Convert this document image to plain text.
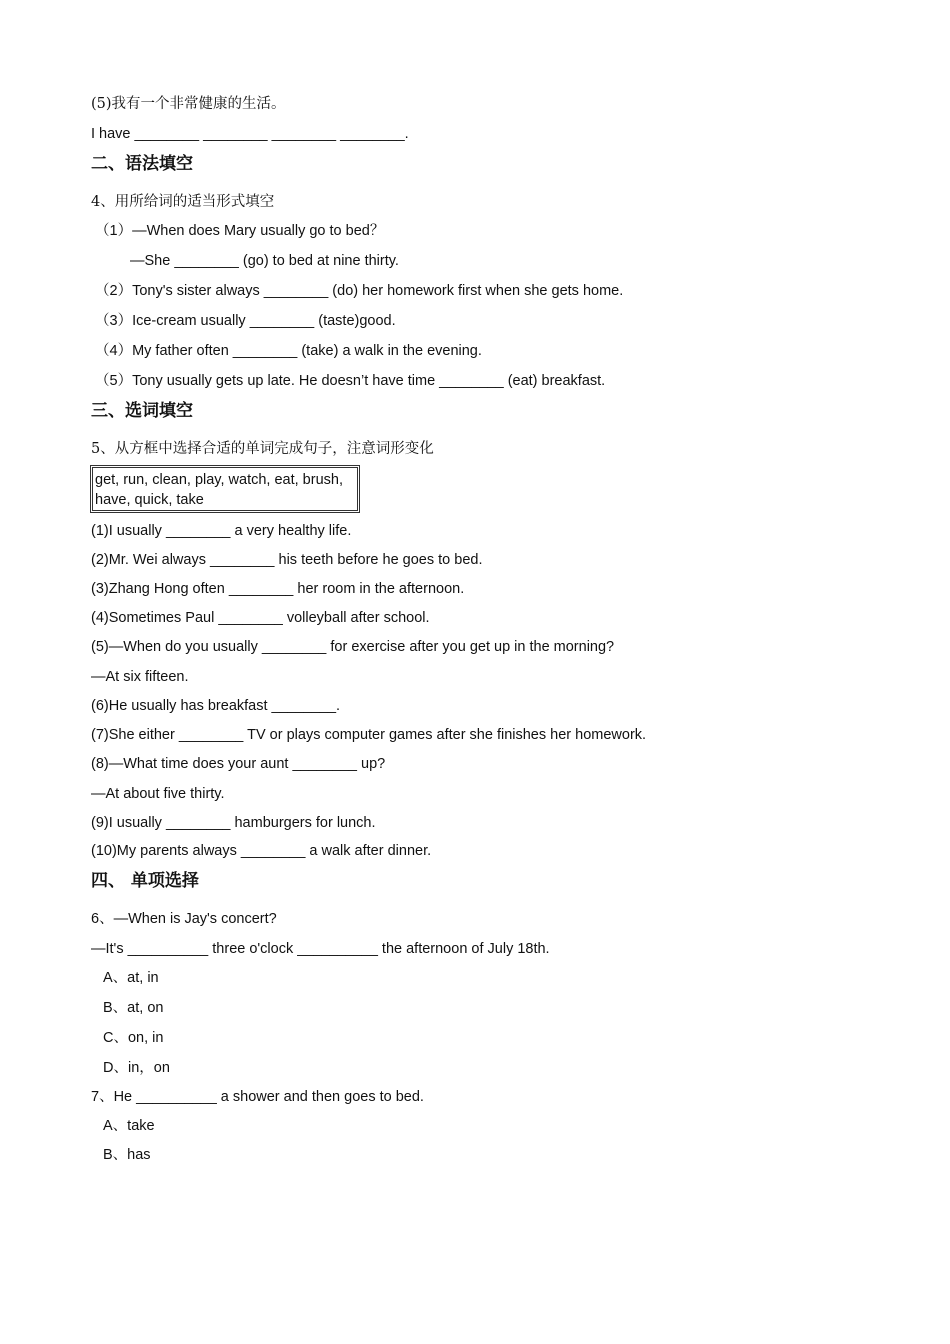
(5)我有一个非常健康的生活。
I have ________ ________ ________ ________.
二、语法填空
4、用所给词的适当形式填空
（1）—When does Mary usually go to bed？
—She ________ (go) to bed at nine thirty.
（2）Tony's sister always ________ (do) her homework first when she gets home.
（3）Ice-cream usually ________ (taste)good.
（4）My father often ________ (take) a walk in the evening.
（5）Tony usually gets up late. He doesn’t have time ________ (eat) breakfast.
三、选词填空
5、从方框中选择合适的单词完成句子，注意词形变化
get, run, clean, play, watch, eat, brush, have, quick, take
(1)I usually ________ a very healthy life.
(2)Mr. Wei always ________ his teeth before he goes to bed.
(3)Zhang Hong often ________ her room in the afternoon.
(4)Sometimes Paul ________ volleyball after school.
(5)—When do you usually ________ for exercise after you get up in the morning?
—At six fifteen.
(6)He usually has breakfast ________.
(7)She either ________ TV or plays computer games after she finishes her homework.
(8)—What time does your aunt ________ up?
—At about five thirty.
(9)I usually ________ hamburgers for lunch.
(10)My parents always ________ a walk after dinner.
四、 单项选择
6、—When is Jay's concert?
—It's __________ three o'clock __________ the afternoon of July 18th.
A、at, in
B、at, on
C、on, in
D、in，on
7、He __________ a shower and then goes to bed.
A、take
B、has
